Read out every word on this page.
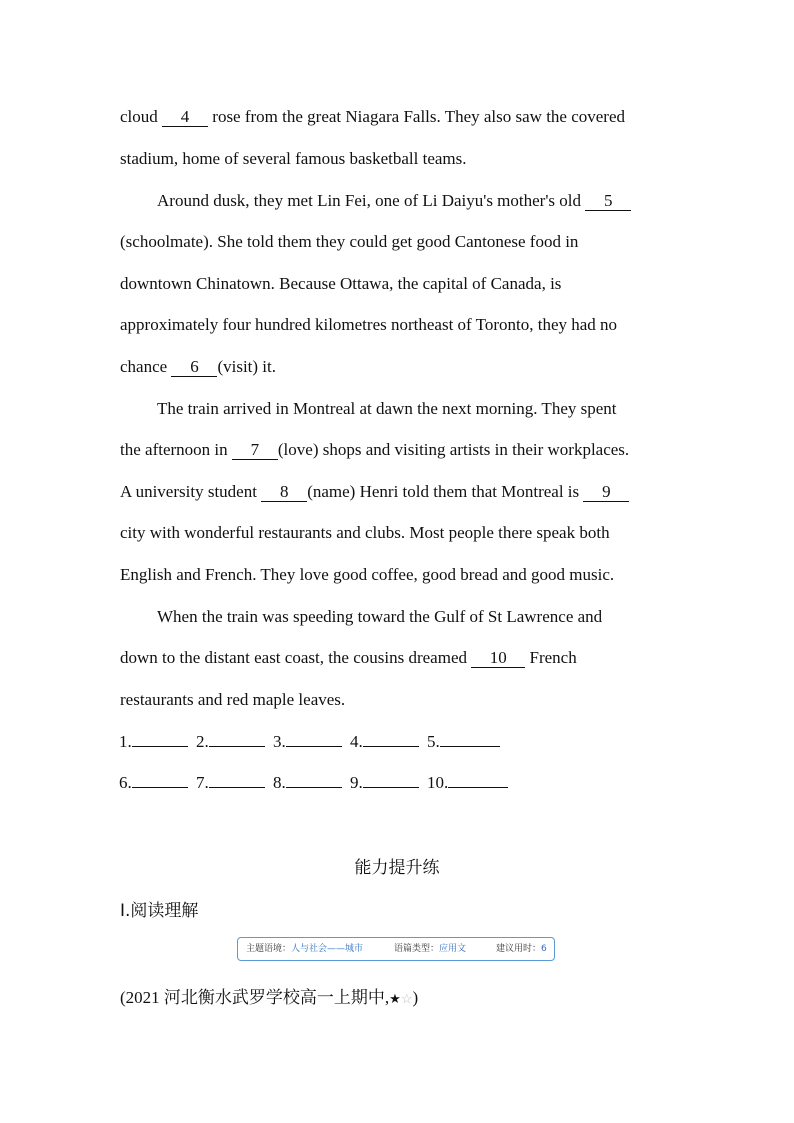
cloud 4 rose from the great Niagara Falls. They also saw the covered
stadium, home of several famous basketball teams.
Around dusk, they met Lin Fei, one of Li Daiyu's mother's old 5
(schoolmate). She told them they could get good Cantonese food in
downtown Chinatown. Because Ottawa, the capital of Canada, is
approximately four hundred kilometres northeast of Toronto, they had no
chance 6 (visit) it.
The train arrived in Montreal at dawn the next morning. They spent
the afternoon in 7 (love) shops and visiting artists in their workplaces.
A university student 8 (name) Henri told them that Montreal is 9
city with wonderful restaurants and clubs. Most people there speak both
English and French. They love good coffee, good bread and good music.
When the train was speeding toward the Gulf of St Lawrence and
down to the distant east coast, the cousins dreamed 10 French
restaurants and red maple leaves.
1.	2.	3.	4.	5.
6.	7.	8.	9.	10.
能力提升练
Ⅰ.阅读理解
主题语境：人与社会——城市	语篇类型：应用文	建议用时：6
(2021 河北衡水武罗学校高一上期中,★☆)
